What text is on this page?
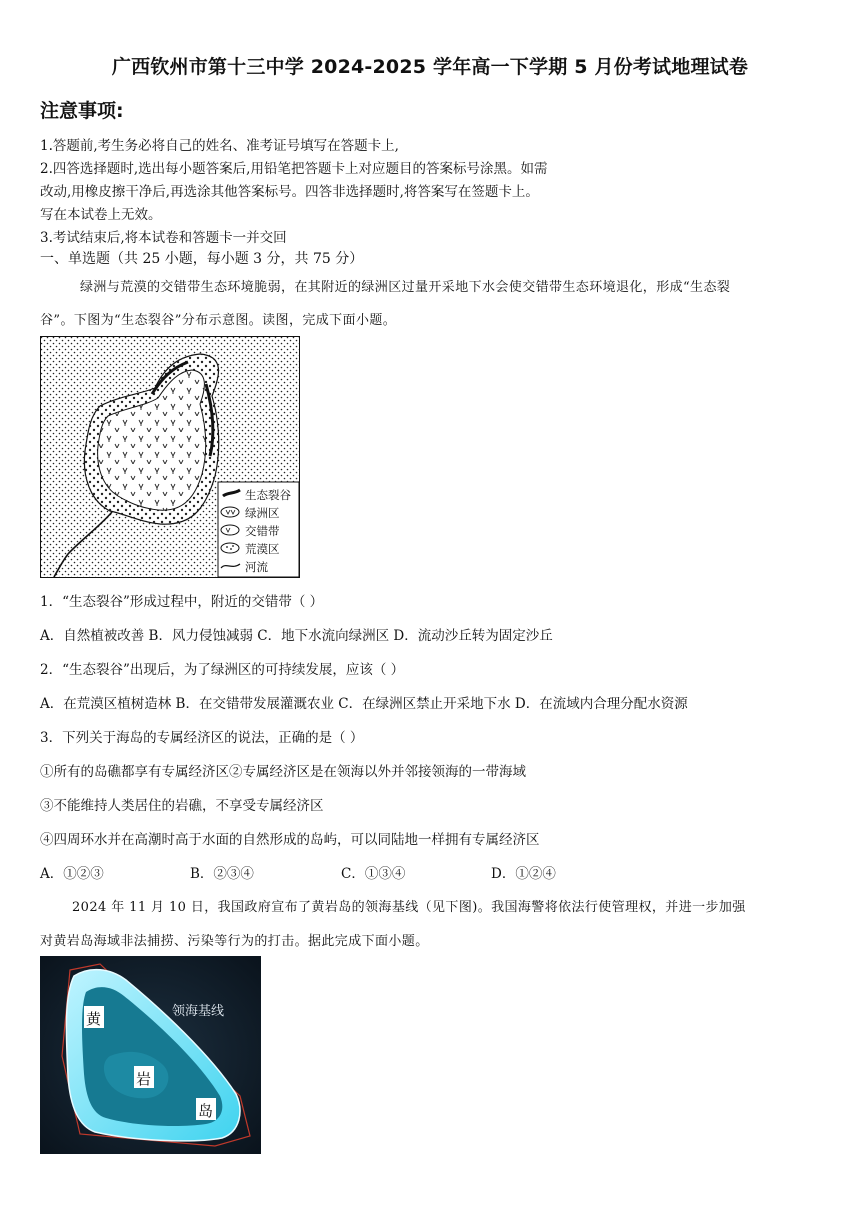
广西钦州市第十三中学 2024-2025 学年高一下学期 5 月份考试地理试卷
注意事项:
1.答题前,考生务必将自己的姓名、准考证号填写在答题卡上,
2.四答选择题时,选出每小题答案后,用铅笔把答题卡上对应题目的答案标号涂黑。如需
改动,用橡皮擦干净后,再选涂其他答案标号。四答非选择题时,将答案写在签题卡上。
写在本试卷上无效。
3.考试结束后,将本试卷和答题卡一并交回
一、单选题（共 25 小题，每小题 3 分，共 75 分）
绿洲与荒漠的交错带生态环境脆弱，在其附近的绿洲区过量开采地下水会使交错带生态环境退化，形成“生态裂
谷”。下图为“生态裂谷”分布示意图。读图，完成下面小题。
生态裂谷
绿洲区
交错带
荒漠区
河流
1．“生态裂谷”形成过程中，附近的交错带（ ）
A．自然植被改善 B．风力侵蚀减弱 C．地下水流向绿洲区 D．流动沙丘转为固定沙丘
2．“生态裂谷”出现后，为了绿洲区的可持续发展，应该（ ）
A．在荒漠区植树造林 B．在交错带发展灌溉农业 C．在绿洲区禁止开采地下水 D．在流域内合理分配水资源
3．下列关于海岛的专属经济区的说法，正确的是（ ）
①所有的岛礁都享有专属经济区②专属经济区是在领海以外并邻接领海的一带海域
③不能维持人类居住的岩礁，不享受专属经济区
④四周环水并在高潮时高于水面的自然形成的岛屿，可以同陆地一样拥有专属经济区
A．①②③	B．②③④	C．①③④	D．①②④
2024 年 11 月 10 日，我国政府宣布了黄岩岛的领海基线（见下图)。我国海警将依法行使管理权，并进一步加强
对黄岩岛海域非法捕捞、污染等行为的打击。据此完成下面小题。
领海基线
黄
岩
岛
